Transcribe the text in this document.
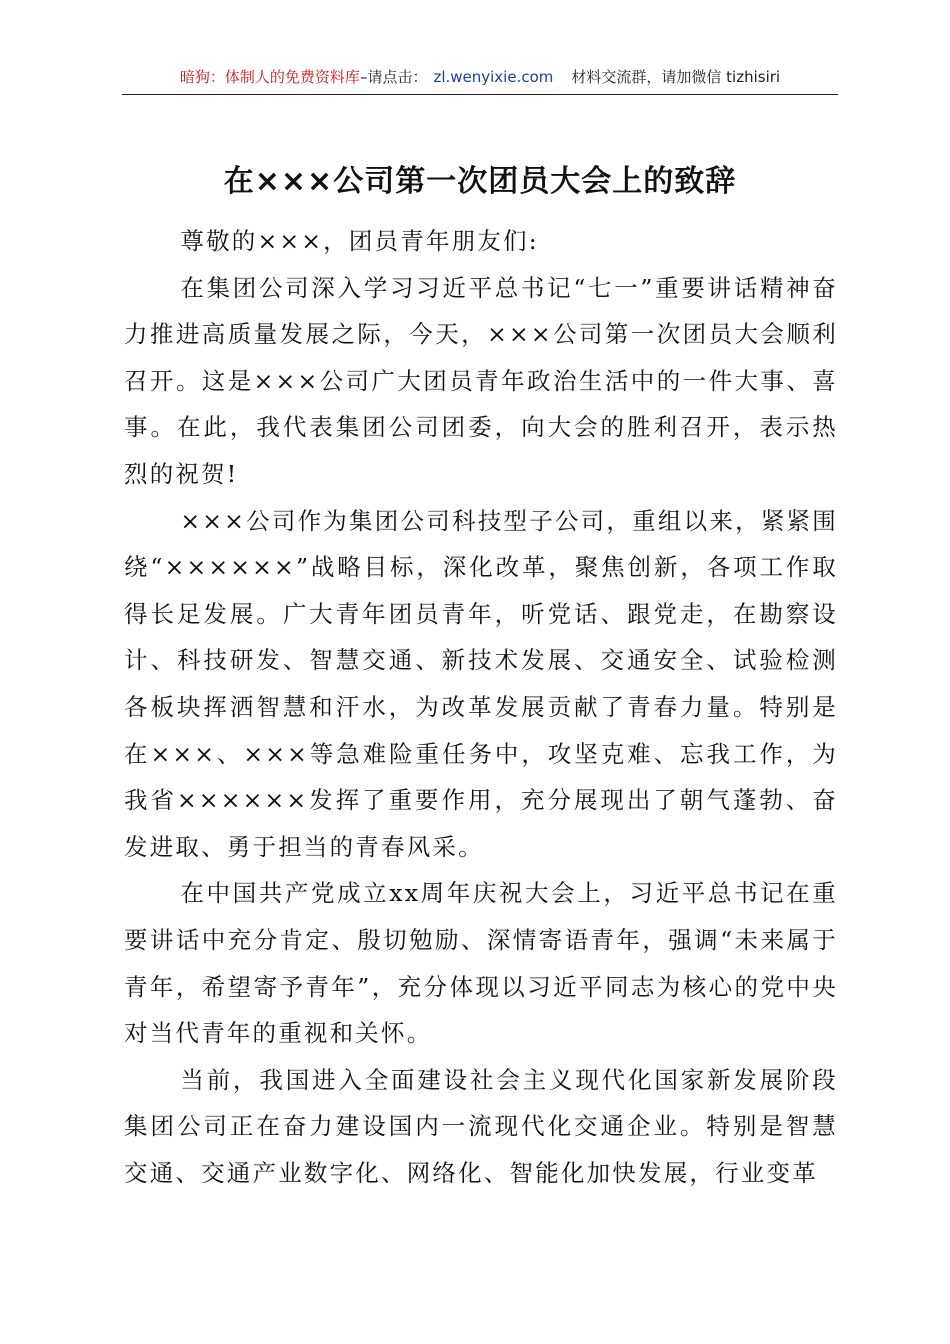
暗狗：体制人的免费资料库–请点击： zl.wenyixie.com 材料交流群，请加微信 tizhisiri
在×××公司第一次团员大会上的致辞

尊敬的×××，团员青年朋友们:

在集团公司深入学习习近平总书记“七一”重要讲话精神奋力推进高质量发展之际，今天，×××公司第一次团员大会顺利召开。这是×××公司广大团员青年政治生活中的一件大事、喜事。在此，我代表集团公司团委，向大会的胜利召开，表示热烈的祝贺!

×××公司作为集团公司科技型子公司，重组以来，紧紧围绕“××××××”战略目标，深化改革，聚焦创新，各项工作取得长足发展。广大青年团员青年，听党话、跟党走，在勘察设计、科技研发、智慧交通、新技术发展、交通安全、试验检测各板块挥洒智慧和汗水，为改革发展贡献了青春力量。特别是在×××、×××等急难险重任务中，攻坚克难、忘我工作，为我省××××××发挥了重要作用，充分展现出了朝气蓬勃、奋发进取、勇于担当的青春风采。

在中国共产党成立xx周年庆祝大会上，习近平总书记在重要讲话中充分肯定、殷切勉励、深情寄语青年，强调“未来属于青年，希望寄予青年”，充分体现以习近平同志为核心的党中央对当代青年的重视和关怀。

当前，我国进入全面建设社会主义现代化国家新发展阶段集团公司正在奋力建设国内一流现代化交通企业。特别是智慧交通、交通产业数字化、网络化、智能化加快发展，行业变革
